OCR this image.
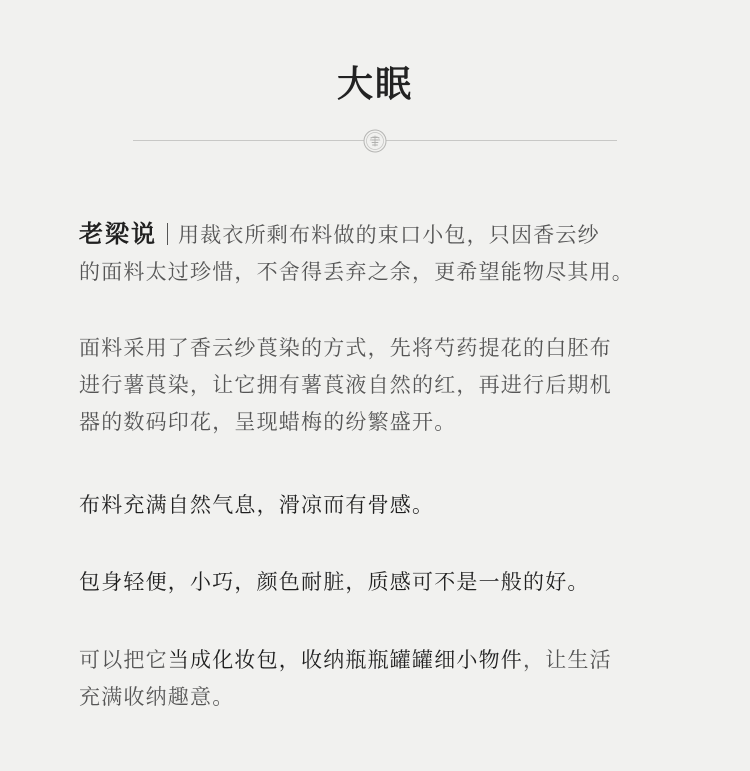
大眠
老梁说 用裁衣所剩布料做的束口小包，只因香云纱
的面料太过珍惜，不舍得丢弃之余，更希望能物尽其用。
面料采用了香云纱莨染的方式，先将芍药提花的白胚布
进行薯莨染，让它拥有薯莨液自然的红，再进行后期机
器的数码印花，呈现蜡梅的纷繁盛开。
布料充满自然气息，滑凉而有骨感。
包身轻便，小巧，颜色耐脏，质感可不是一般的好。
可以把它当成化妆包，收纳瓶瓶罐罐细小物件，让生活
充满收纳趣意。
